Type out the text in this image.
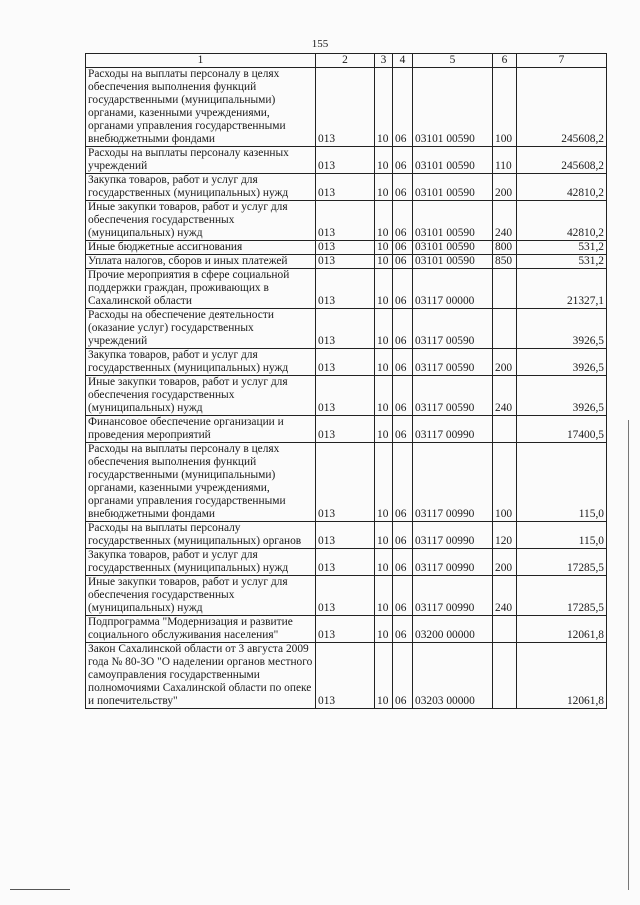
155
1	2	3	4	5	6	7
Расходы на выплаты персоналу в целях обеспечения выполнения функций государственными (муниципальными) органами, казенными учреждениями, органами управления государственными внебюджетными фондами	013	10	06	03101 00590	100	245608,2
Расходы на выплаты персоналу казенных учреждений	013	10	06	03101 00590	110	245608,2
Закупка товаров, работ и услуг для государственных (муниципальных) нужд	013	10	06	03101 00590	200	42810,2
Иные закупки товаров, работ и услуг для обеспечения государственных (муниципальных) нужд	013	10	06	03101 00590	240	42810,2
Иные бюджетные ассигнования	013	10	06	03101 00590	800	531,2
Уплата налогов, сборов и иных платежей	013	10	06	03101 00590	850	531,2
Прочие мероприятия в сфере социальной поддержки граждан, проживающих в Сахалинской области	013	10	06	03117 00000		21327,1
Расходы на обеспечение деятельности (оказание услуг) государственных учреждений	013	10	06	03117 00590		3926,5
Закупка товаров, работ и услуг для государственных (муниципальных) нужд	013	10	06	03117 00590	200	3926,5
Иные закупки товаров, работ и услуг для обеспечения государственных (муниципальных) нужд	013	10	06	03117 00590	240	3926,5
Финансовое обеспечение организации и проведения мероприятий	013	10	06	03117 00990		17400,5
Расходы на выплаты персоналу в целях обеспечения выполнения функций государственными (муниципальными) органами, казенными учреждениями, органами управления государственными внебюджетными фондами	013	10	06	03117 00990	100	115,0
Расходы на выплаты персоналу государственных (муниципальных) органов	013	10	06	03117 00990	120	115,0
Закупка товаров, работ и услуг для государственных (муниципальных) нужд	013	10	06	03117 00990	200	17285,5
Иные закупки товаров, работ и услуг для обеспечения государственных (муниципальных) нужд	013	10	06	03117 00990	240	17285,5
Подпрограмма "Модернизация и развитие социального обслуживания населения"	013	10	06	03200 00000		12061,8
Закон Сахалинской области от 3 августа 2009 года № 80-ЗО "О наделении органов местного самоуправления государственными полномочиями Сахалинской области по опеке и попечительству"	013	10	06	03203 00000		12061,8
